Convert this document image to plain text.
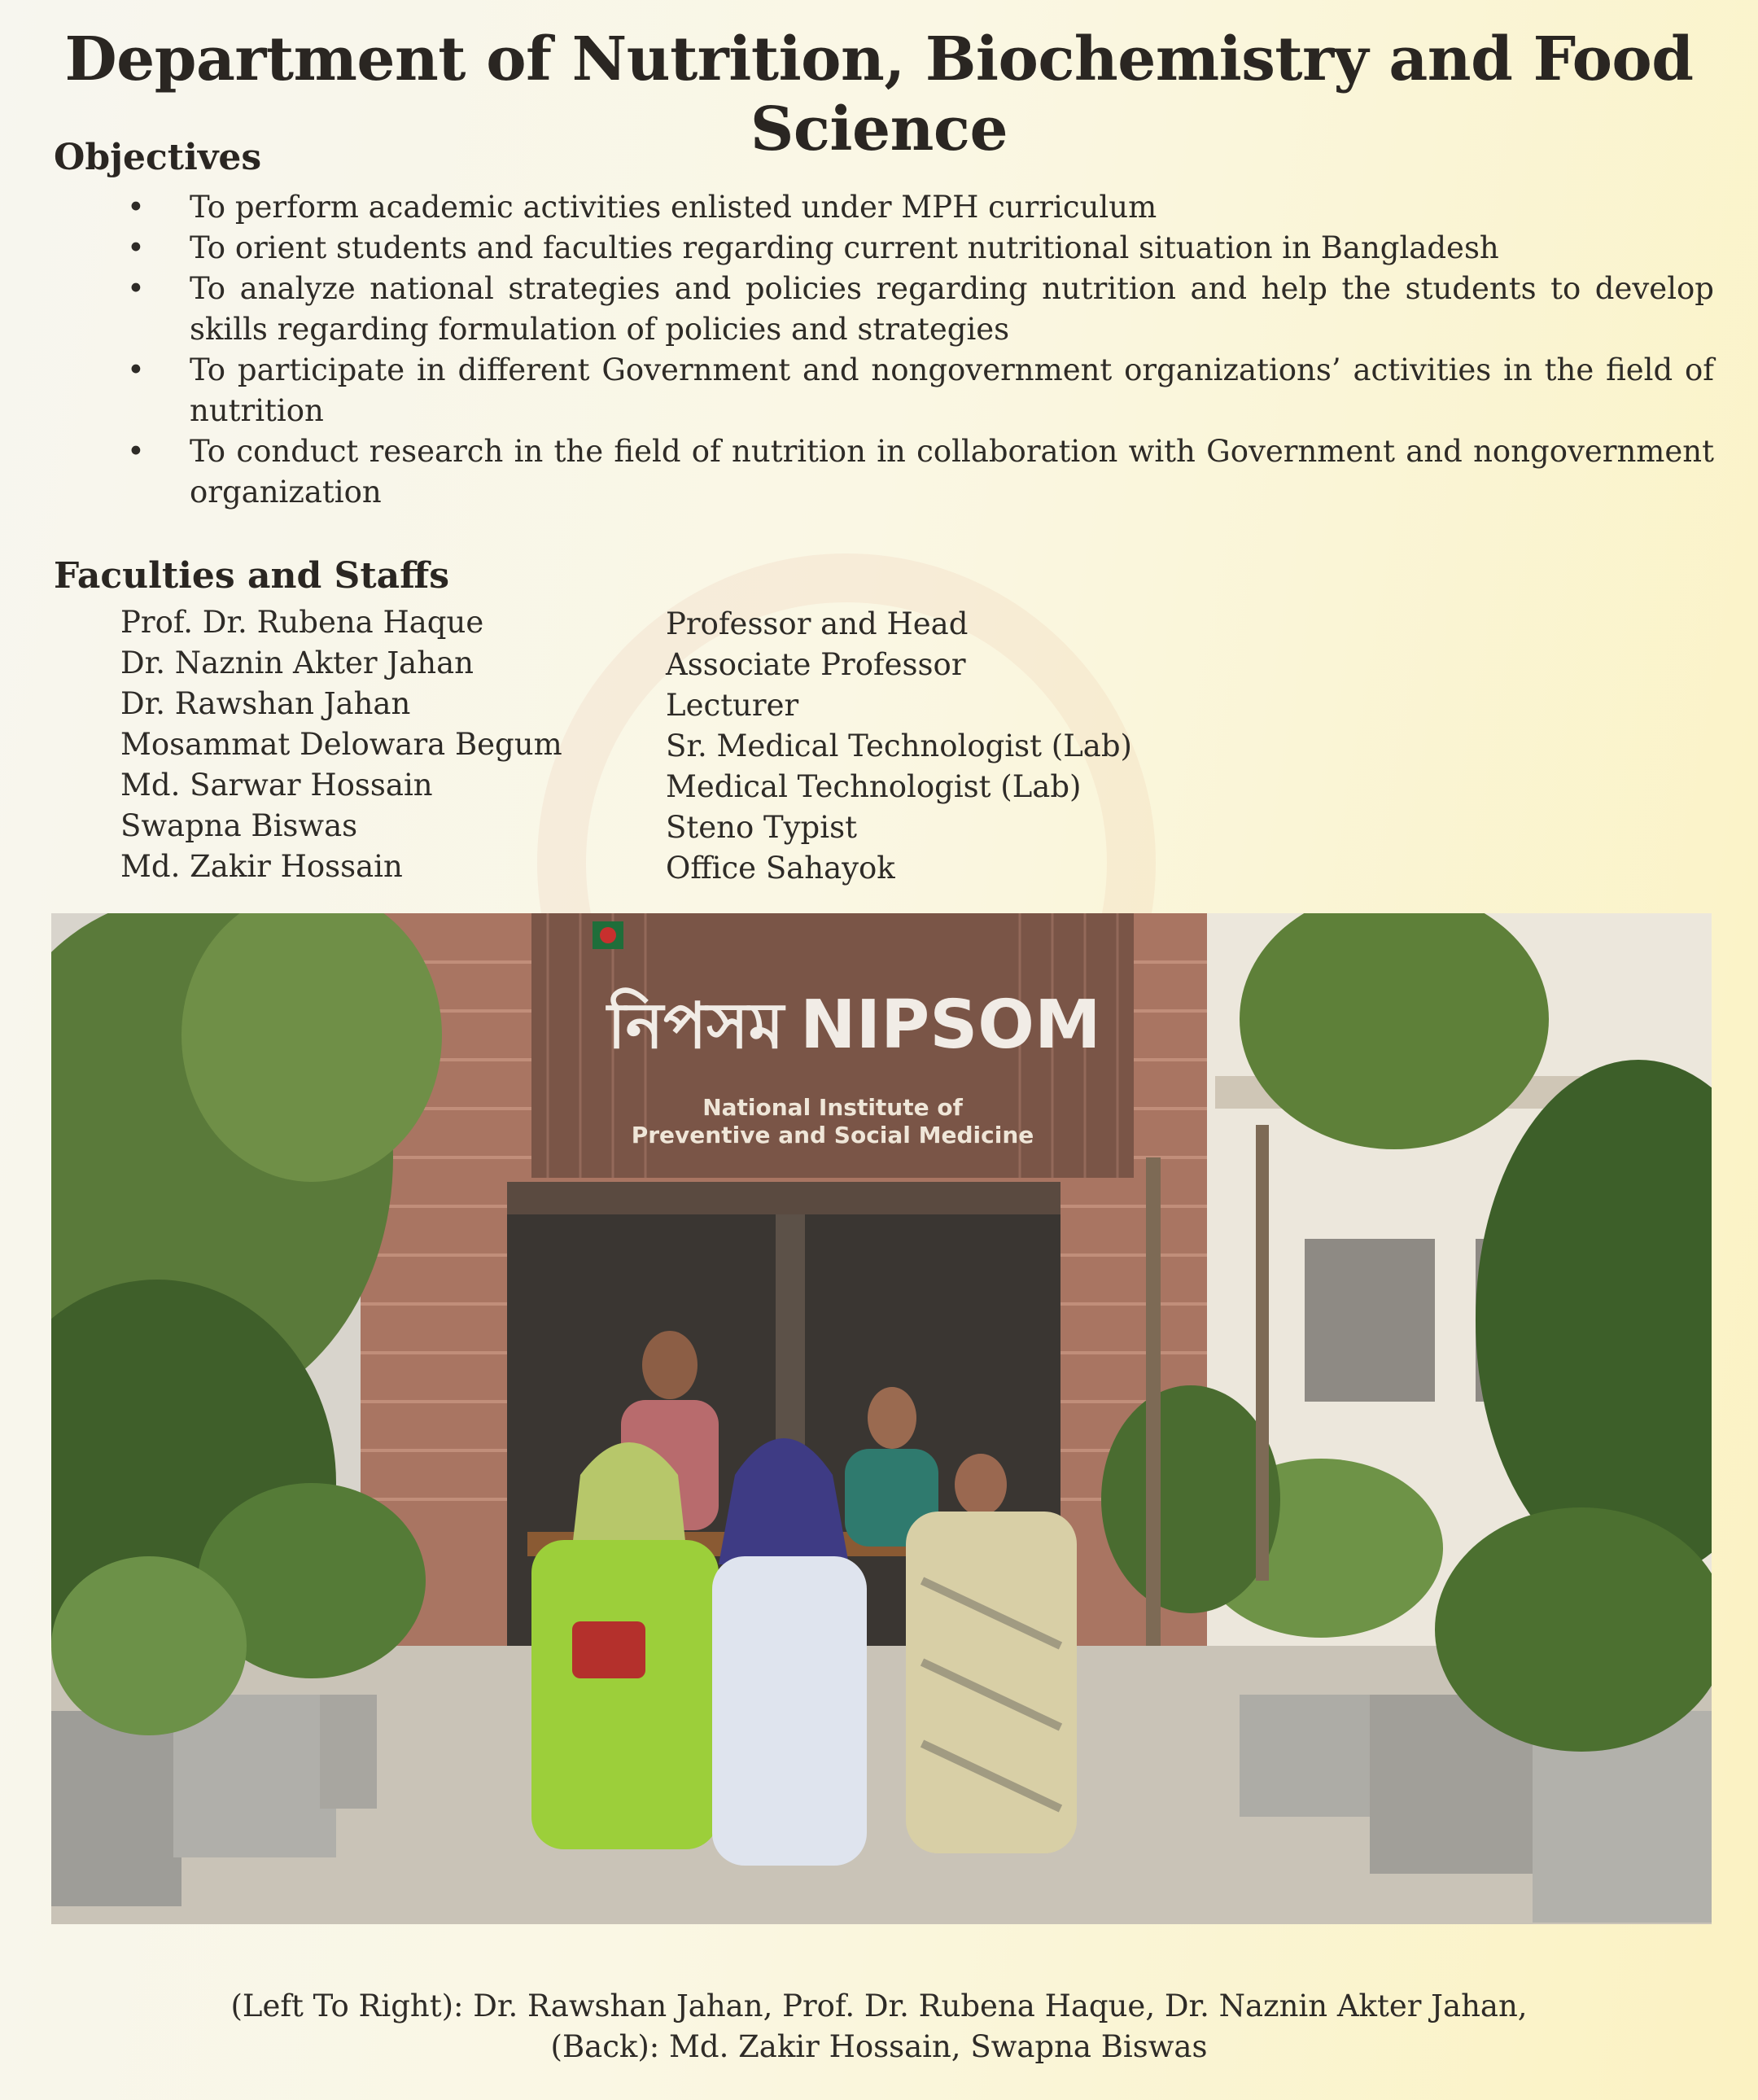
Department of Nutrition, Biochemistry and Food Science
Objectives
• To perform academic activities enlisted under MPH curriculum
• To orient students and faculties regarding current nutritional situation in Bangladesh
• To analyze national strategies and policies regarding nutrition and help the students to develop skills regarding formulation of policies and strategies
• To participate in different Government and nongovernment organizations’ activities in the field of nutrition
• To conduct research in the field of nutrition in collaboration with Government and nongovernment organization
Faculties and Staffs
Prof. Dr. Rubena Haque
Dr. Naznin Akter Jahan
Dr. Rawshan Jahan
Mosammat Delowara Begum
Md. Sarwar Hossain
Swapna Biswas
Md. Zakir Hossain
Professor and Head
Associate Professor
Lecturer
Sr. Medical Technologist (Lab)
Medical Technologist (Lab)
Steno Typist
Office Sahayok
নিপসম NIPSOM
National Institute of
Preventive and Social Medicine
(Left To Right): Dr. Rawshan Jahan, Prof. Dr. Rubena Haque, Dr. Naznin Akter Jahan,
(Back): Md. Zakir Hossain, Swapna Biswas
